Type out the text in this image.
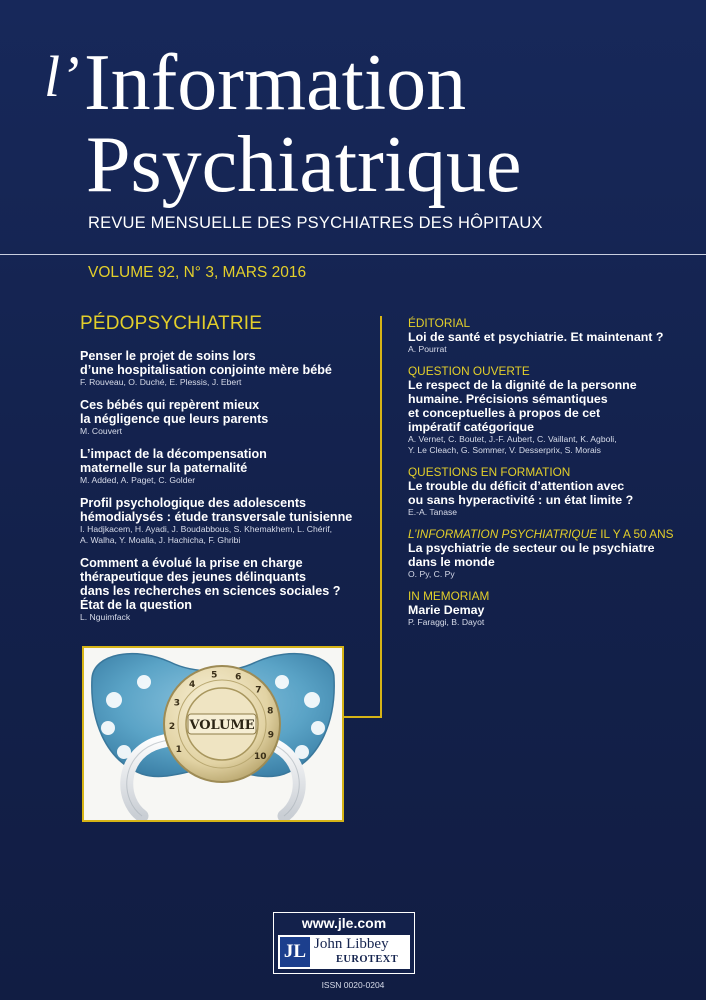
l’ Information
Psychiatrique
REVUE MENSUELLE DES PSYCHIATRES DES HÔPITAUX
VOLUME 92, N° 3, MARS 2016
PÉDOPSYCHIATRIE
Penser le projet de soins lors
d’une hospitalisation conjointe mère bébé
F. Rouveau, O. Duché, E. Plessis, J. Ebert
Ces bébés qui repèrent mieux
la négligence que leurs parents
M. Couvert
L’impact de la décompensation
maternelle sur la paternalité
M. Added, A. Paget, C. Golder
Profil psychologique des adolescents
hémodialysés : étude transversale tunisienne
I. Hadjkacem, H. Ayadi, J. Boudabbous, S. Khemakhem, L. Chérif,
A. Walha, Y. Moalla, J. Hachicha, F. Ghribi
Comment a évolué la prise en charge
thérapeutique des jeunes délinquants
dans les recherches en sciences sociales ?
État de la question
L. Nguimfack
ÉDITORIAL
Loi de santé et psychiatrie. Et maintenant ?
A. Pourrat
QUESTION OUVERTE
Le respect de la dignité de la personne
humaine. Précisions sémantiques
et conceptuelles à propos de cet
impératif catégorique
A. Vernet, C. Boutet, J.-F. Aubert, C. Vaillant, K. Agboli,
Y. Le Cleach, G. Sommer, V. Desserprix, S. Morais
QUESTIONS EN FORMATION
Le trouble du déficit d’attention avec
ou sans hyperactivité : un état limite ?
E.-A. Tanase
L’INFORMATION PSYCHIATRIQUE IL Y A 50 ANS
La psychiatrie de secteur ou le psychiatre
dans le monde
O. Py, C. Py
IN MEMORIAM
Marie Demay
P. Faraggi, B. Dayot
1
2
3
4
5 6
7
8
9
10
VOLUME
www.jle.com
JL John Libbey
EUROTEXT
ISSN 0020-0204
